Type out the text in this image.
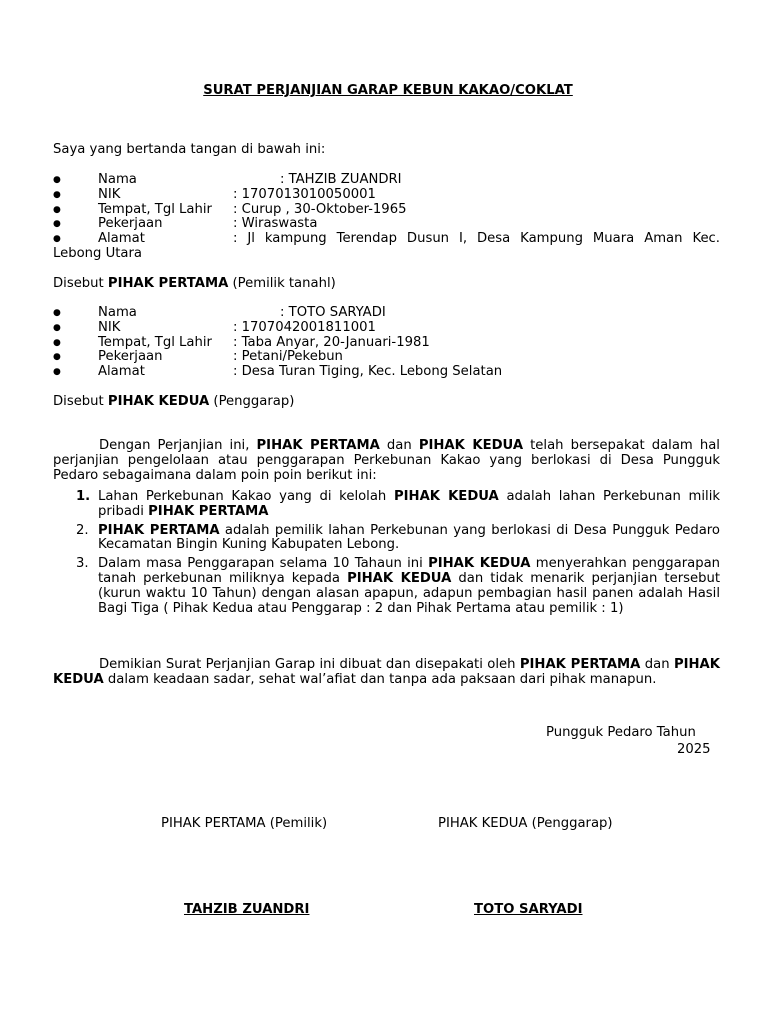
SURAT PERJANJIAN GARAP KEBUN KAKAO/COKLAT
Saya yang bertanda tangan di bawah ini:
●	Nama	: TAHZIB ZUANDRI
●	NIK	: 1707013010050001
●	Tempat, Tgl Lahir : Curup , 30-Oktober-1965
●	Pekerjaan	: Wiraswasta
●	Alamat	: Jl kampung Terendap Dusun I, Desa Kampung Muara Aman Kec.
Lebong Utara
Disebut PIHAK PERTAMA (Pemilik tanahl)
●	Nama	: TOTO SARYADI
●	NIK	: 1707042001811001
●	Tempat, Tgl Lahir : Taba Anyar, 20-Januari-1981
●	Pekerjaan	: Petani/Pekebun
●	Alamat	: Desa Turan Tiging, Kec. Lebong Selatan
Disebut PIHAK KEDUA (Penggarap)
Dengan Perjanjian ini, PIHAK PERTAMA dan PIHAK KEDUA telah bersepakat dalam hal perjanjian pengelolaan atau penggarapan Perkebunan Kakao yang berlokasi di Desa Pungguk Pedaro sebagaimana dalam poin poin berikut ini:
1. Lahan Perkebunan Kakao yang di kelolah PIHAK KEDUA adalah lahan Perkebunan milik pribadi PIHAK PERTAMA
2. PIHAK PERTAMA adalah pemilik lahan Perkebunan yang berlokasi di Desa Pungguk Pedaro Kecamatan Bingin Kuning Kabupaten Lebong.
3. Dalam masa Penggarapan selama 10 Tahaun ini PIHAK KEDUA menyerahkan penggarapan tanah perkebunan miliknya kepada PIHAK KEDUA dan tidak menarik perjanjian tersebut (kurun waktu 10 Tahun) dengan alasan apapun, adapun pembagian hasil panen adalah Hasil Bagi Tiga ( Pihak Kedua atau Penggarap : 2 dan Pihak Pertama atau pemilik : 1)
Demikian Surat Perjanjian Garap ini dibuat dan disepakati oleh PIHAK PERTAMA dan PIHAK KEDUA dalam keadaan sadar, sehat wal’afiat dan tanpa ada paksaan dari pihak manapun.
Pungguk Pedaro Tahun
2025
PIHAK PERTAMA (Pemilik)	PIHAK KEDUA (Penggarap)
TAHZIB ZUANDRI	TOTO SARYADI
